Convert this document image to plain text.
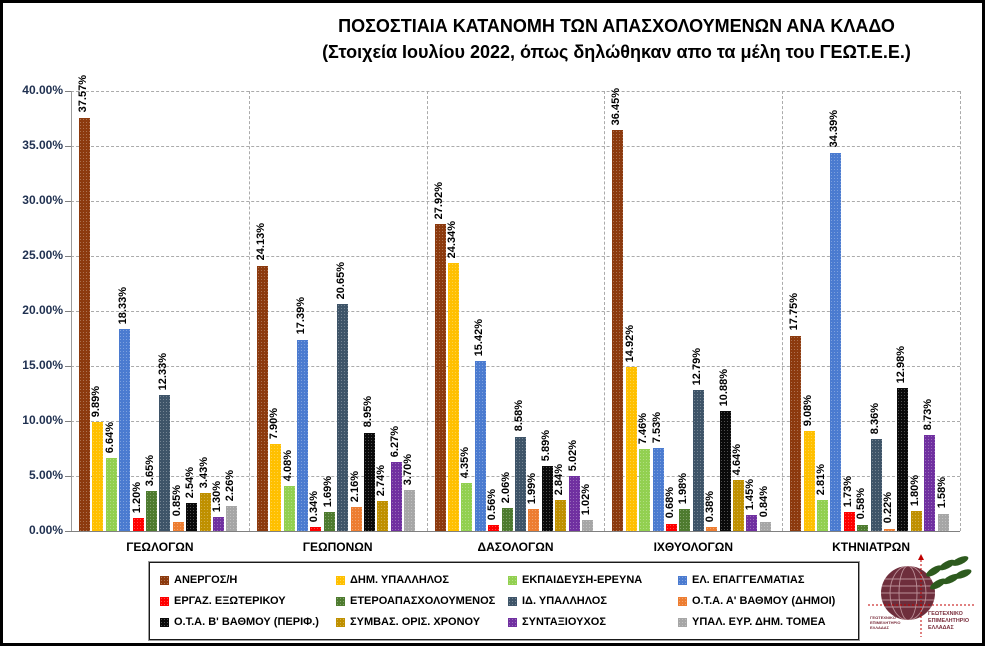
ΠΟΣΟΣΤΙΑΙΑ ΚΑΤΑΝΟΜΗ ΤΩΝ ΑΠΑΣΧΟΛΟΥΜΕΝΩΝ ΑΝΑ ΚΛΑΔΟ
(Στοιχεία Ιουλίου 2022, όπως δηλώθηκαν απο τα μέλη του ΓΕΩΤ.Ε.Ε.)
0.00%
5.00%
10.00%
15.00%
20.00%
25.00%
30.00%
35.00%
40.00% 37.57%
9.89%
6.64%
18.33%
1.20%
3.65%
12.33%
0.85%
2.54% 3.43%
1.30% 2.26%
ΓΕΩΛΟΓΩΝ
24.13%
7.90%
4.08%
17.39%
0.34% 1.69%
20.65%
2.16%
8.95%
2.74%
6.27%
3.70%
ΓΕΩΠΟΝΩΝ
27.92%
24.34%
4.35%
15.42%
0.56%
2.06%
8.58%
1.99%
5.89%
2.84%
5.02%
1.02%
ΔΑΣΟΛΟΓΩΝ
36.45%
14.92%
7.46% 7.53%
0.68% 1.98%
12.79%
0.38%
10.88%
4.64%
1.45% 0.84%
ΙΧΘΥΟΛΟΓΩΝ
17.75%
9.08%
2.81%
34.39%
1.73% 0.58%
8.36%
0.22%
12.98%
1.80%
8.73%
1.58%
ΚΤΗΝΙΑΤΡΩΝ
ΑΝΕΡΓΟΣ/Η	ΔΗΜ. ΥΠΑΛΛΗΛΟΣ	ΕΚΠΑΙΔΕΥΣΗ-ΕΡΕΥΝΑ	ΕΛ. ΕΠΑΓΓΕΛΜΑΤΙΑΣ
ΕΡΓΑΖ. ΕΞΩΤΕΡΙΚΟΥ	ΕΤΕΡΟΑΠΑΣΧΟΛΟΥΜΕΝΟΣ ΙΔ. ΥΠΑΛΛΗΛΟΣ	Ο.Τ.Α. Α' ΒΑΘΜΟΥ (ΔΗΜΟΙ)
Ο.Τ.Α. Β' ΒΑΘΜΟΥ (ΠΕΡΙΦ.)	ΣΥΜΒΑΣ. ΟΡΙΣ. ΧΡΟΝΟΥ	ΣΥΝΤΑΞΙΟΥΧΟΣ	ΥΠΑΛ. ΕΥΡ. ΔΗΜ. ΤΟΜΕΑ	ΓΕΩΤΕΧΝΙΚΟ
ΕΠΙΜΕΛΗΤΗΡΙΟ
ΕΛΛΑΔΑΣ
ΓΕΩΤΕΧΝΙΚΟ
ΕΠΙΜΕΛΗΤΗΡΙΟ
ΕΛΛΑΔΑΣ
